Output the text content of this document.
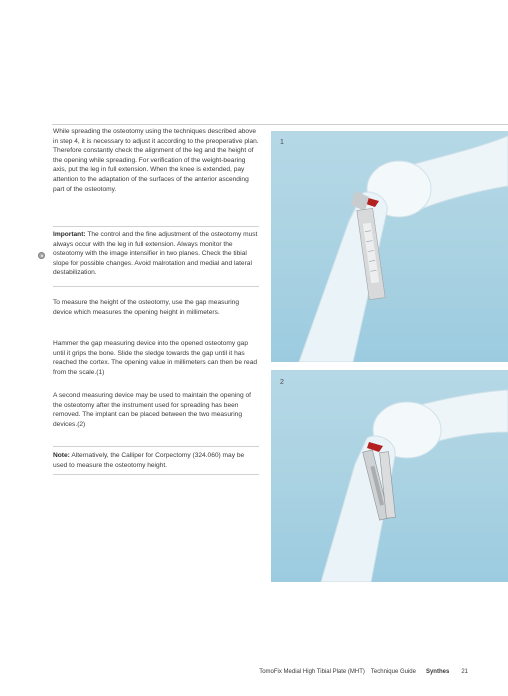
While spreading the osteotomy using the techniques described above in step 4, it is necessary to adjust it according to the preoperative plan. Therefore constantly check the alignment of the leg and the height of the opening while spreading. For verification of the weight-bearing axis, put the leg in full extension. When the knee is extended, pay attention to the adaptation of the surfaces of the anterior ascending part of the osteotomy.

Important: The control and the fine adjustment of the osteotomy must always occur with the leg in full extension. Always monitor the osteotomy with the image intensifier in two planes. Check the tibial slope for possible changes. Avoid malrotation and medial and lateral destabilization.

To measure the height of the osteotomy, use the gap measuring device which measures the opening height in millimeters.

Hammer the gap measuring device into the opened osteotomy gap until it grips the bone. Slide the sledge towards the gap until it has reached the cortex. The opening value in millimeters can then be read from the scale.(1)

A second measuring device may be used to maintain the opening of the osteotomy after the instrument used for spreading has been removed. The implant can be placed between the two measuring devices.(2)

Note: Alternatively, the Calliper for Corpectomy (324.060) may be used to measure the osteotomy height.

1
2
TomoFix Medial High Tibial Plate (MHT) Technique Guide Synthes 21
